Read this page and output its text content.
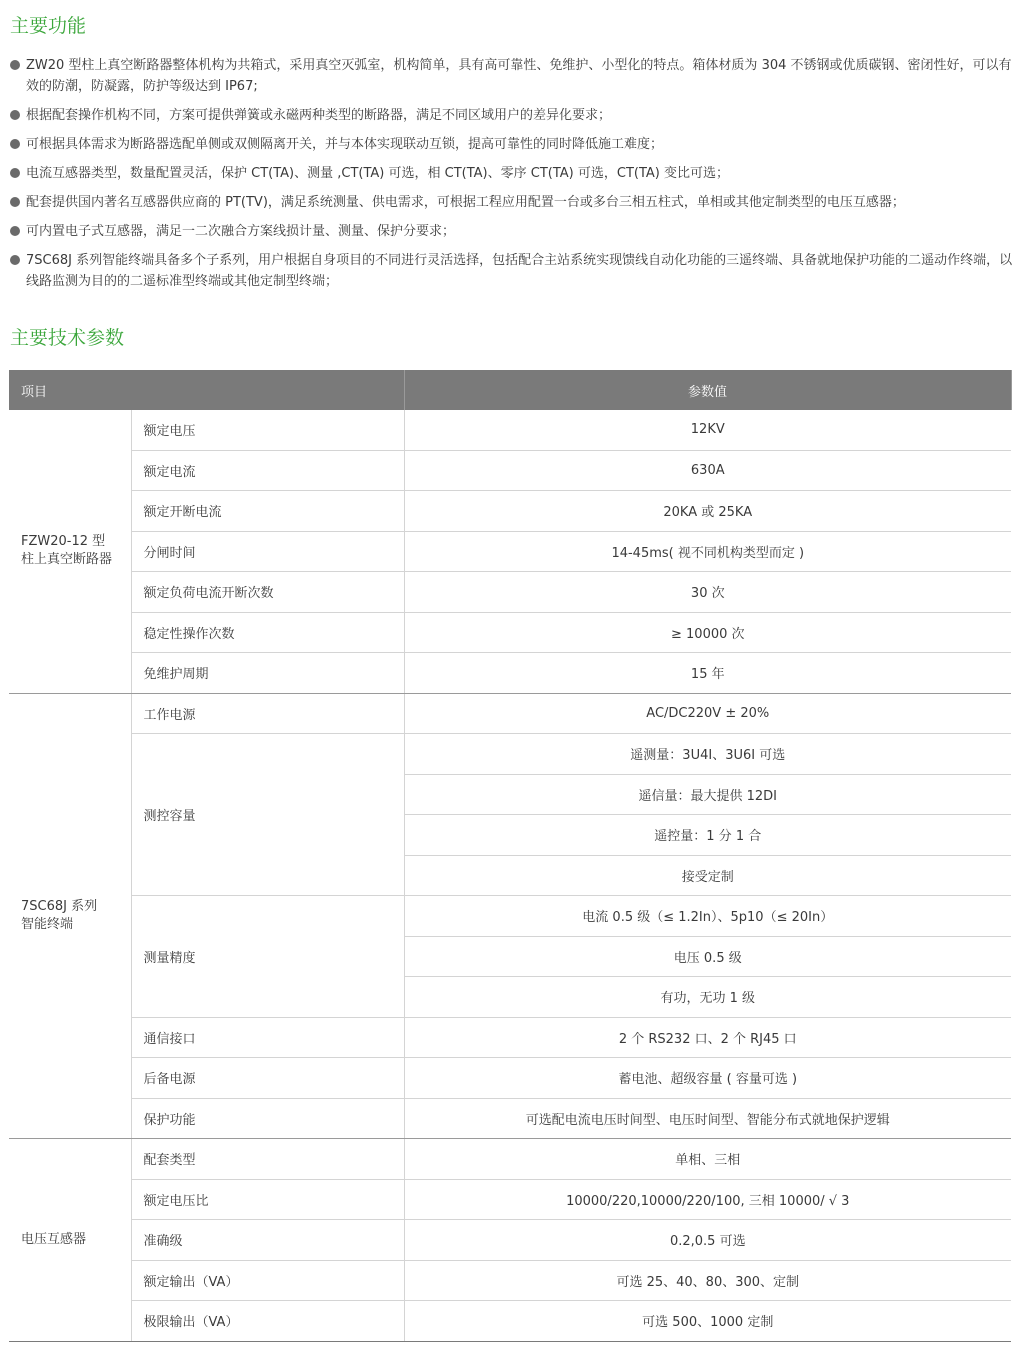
主要功能
ZW20 型柱上真空断路器整体机构为共箱式，采用真空灭弧室，机构简单，具有高可靠性、免维护、小型化的特点。箱体材质为 304 不锈钢或优质碳钢、密闭性好，可以有效的防潮，防凝露，防护等级达到 IP67;
根据配套操作机构不同，方案可提供弹簧或永磁两种类型的断路器，满足不同区域用户的差异化要求；
可根据具体需求为断路器选配单侧或双侧隔离开关，并与本体实现联动互锁，提高可靠性的同时降低施工难度；
电流互感器类型，数量配置灵活，保护 CT(TA)、测量 ,CT(TA) 可选，相 CT(TA)、零序 CT(TA) 可选，CT(TA) 变比可选；
配套提供国内著名互感器供应商的 PT(TV)，满足系统测量、供电需求，可根据工程应用配置一台或多台三相五柱式，单相或其他定制类型的电压互感器；
可内置电子式互感器，满足一二次融合方案线损计量、测量、保护分要求；
7SC68J 系列智能终端具备多个子系列，用户根据自身项目的不同进行灵活选择，包括配合主站系统实现馈线自动化功能的三遥终端、具备就地保护功能的二遥动作终端，以线路监测为目的的二遥标准型终端或其他定制型终端；
主要技术参数
项目		参数值

FZW20-12 型
柱上真空断路器	额定电压	12KV
	额定电流	630A
	额定开断电流	20KA 或 25KA
	分闸时间	14-45ms( 视不同机构类型而定 )
	额定负荷电流开断次数	30 次
	稳定性操作次数	≥ 10000 次
	免维护周期	15 年

7SC68J 系列
智能终端	工作电源	AC/DC220V ± 20%
	测控容量	遥测量：3U4I、3U6I 可选
		遥信量：最大提供 12DI
		遥控量：1 分 1 合
		接受定制
	测量精度	电流 0.5 级（≤ 1.2In）、5p10（≤ 20In）
		电压 0.5 级
		有功，无功 1 级
	通信接口	2 个 RS232 口、2 个 RJ45 口
	后备电源	蓄电池、超级容量 ( 容量可选 )
	保护功能	可选配电流电压时间型、电压时间型、智能分布式就地保护逻辑

电压互感器	配套类型	单相、三相
	额定电压比	10000/220,10000/220/100, 三相 10000/ √ 3
	准确级	0.2,0.5 可选
	额定输出（VA）	可选 25、40、80、300、定制
	极限输出（VA）	可选 500、1000 定制
